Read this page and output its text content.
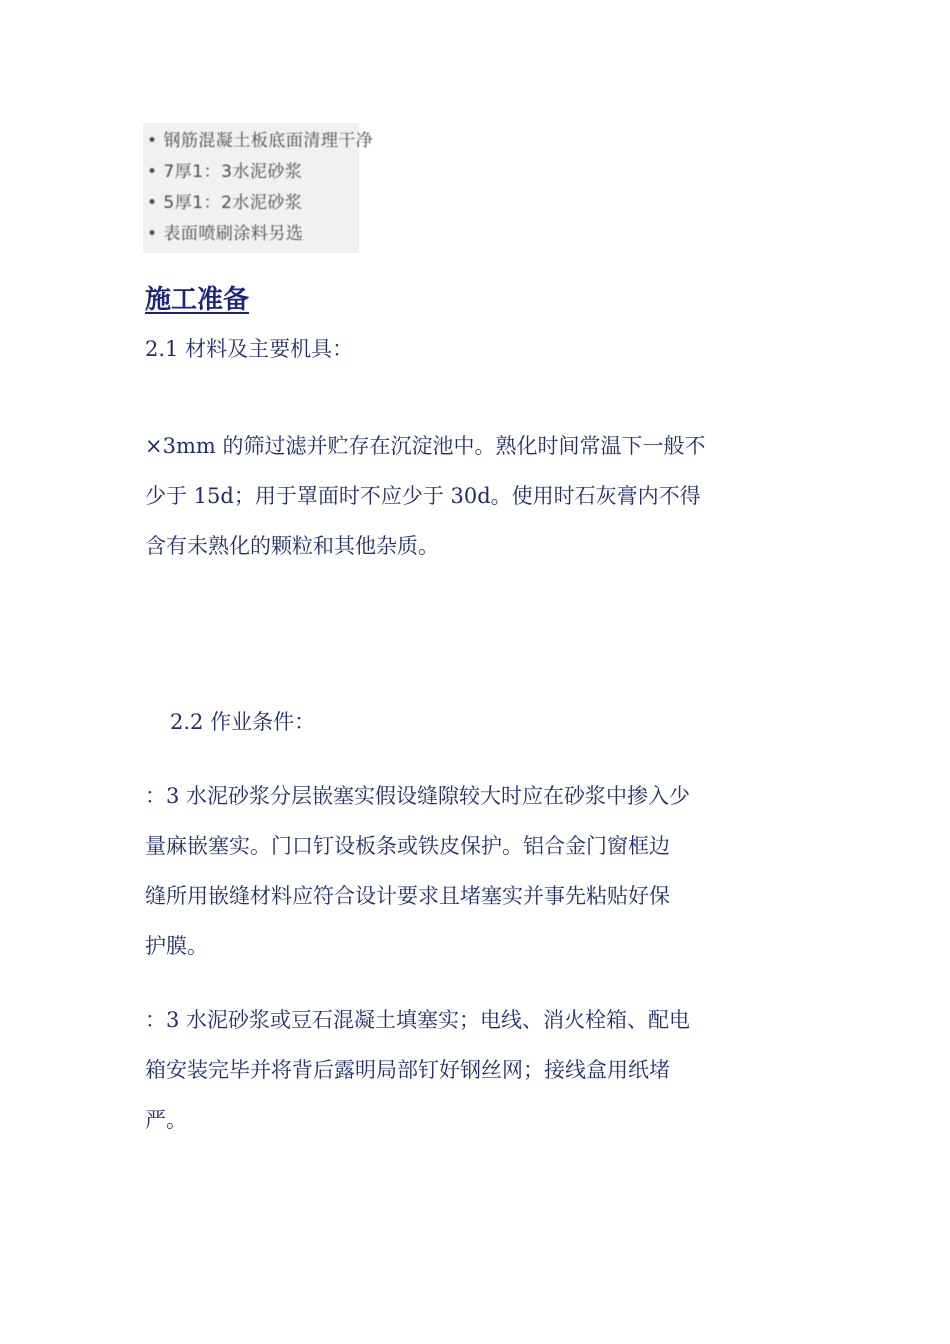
• 钢筋混凝土板底面清理干净
• 7厚1：3水泥砂浆
• 5厚1：2水泥砂浆
• 表面喷刷涂料另选
施工准备
2.1 材料及主要机具：
×3mm 的筛过滤并贮存在沉淀池中。熟化时间常温下一般不
少于 15d；用于罩面时不应少于 30d。使用时石灰膏内不得
含有未熟化的颗粒和其他杂质。
2.2 作业条件：
：3 水泥砂浆分层嵌塞实假设缝隙较大时应在砂浆中掺入少
量麻嵌塞实。门口钉设板条或铁皮保护。铝合金门窗框边
缝所用嵌缝材料应符合设计要求且堵塞实并事先粘贴好保
护膜。
：3 水泥砂浆或豆石混凝土填塞实；电线、消火栓箱、配电
箱安装完毕并将背后露明局部钉好钢丝网；接线盒用纸堵
严。
